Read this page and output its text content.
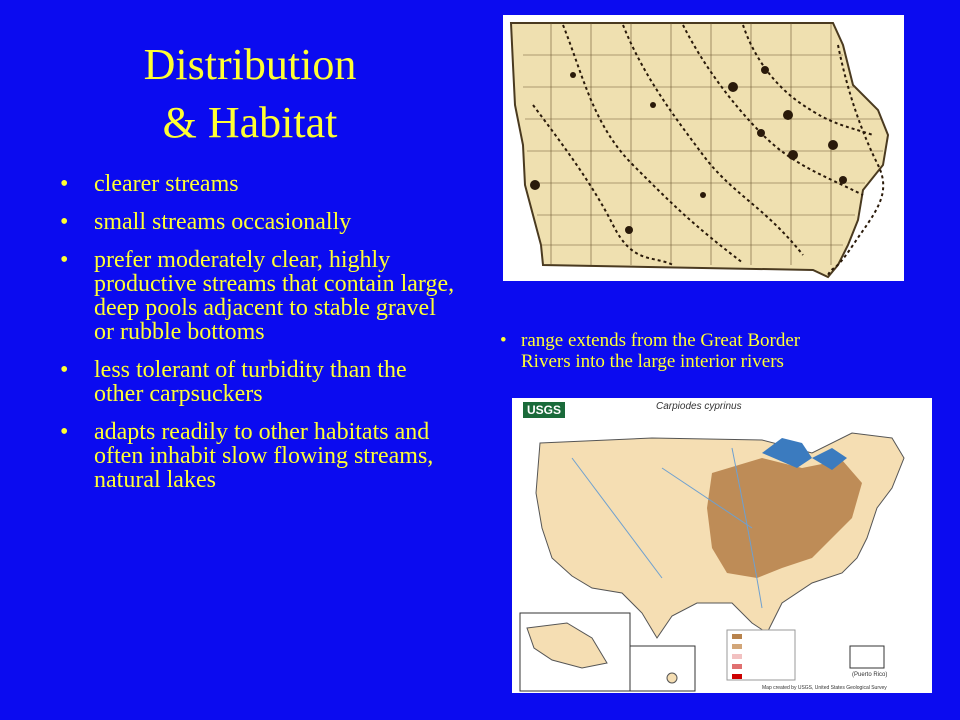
Distribution
& Habitat
• clearer streams
• small streams occasionally
• prefer moderately clear, highly productive streams that contain large, deep pools adjacent to stable gravel or rubble bottoms
• less tolerant of turbidity than the other carpsuckers
• adapts readily to other habitats and often inhabit slow flowing streams, natural lakes
• range extends from the Great Border Rivers into the large interior rivers
(Puerto Rico)
Map created by USGS, United States Geological Survey
USGS	Carpiodes cyprinus
